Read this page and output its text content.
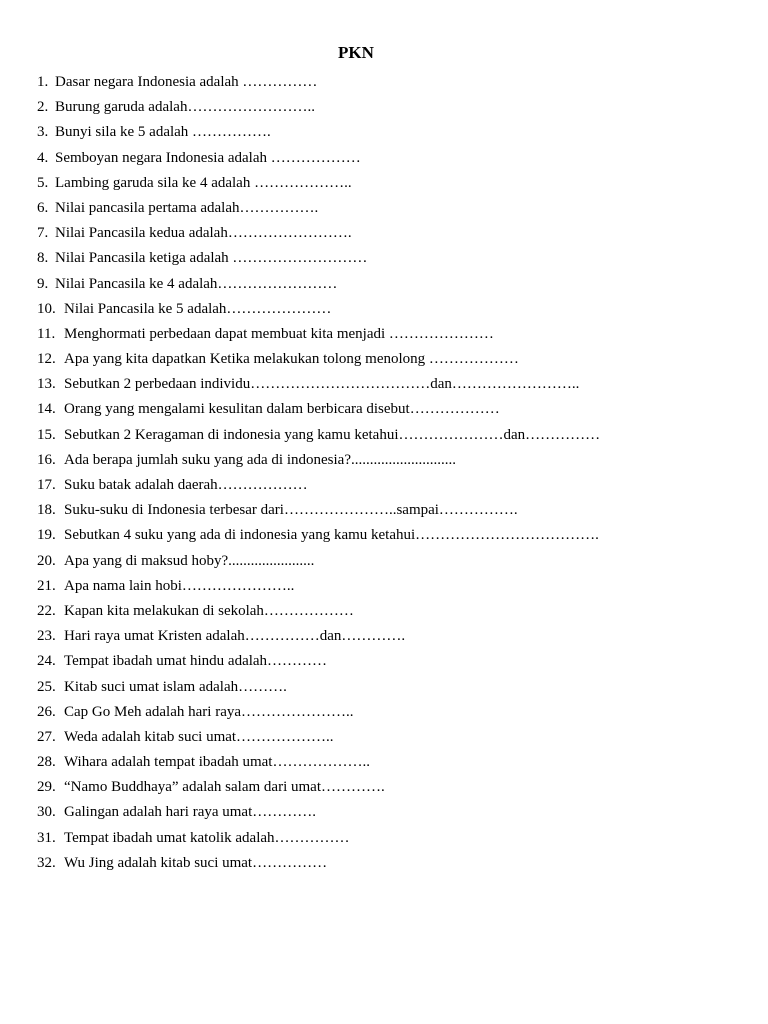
PKN
1. Dasar negara Indonesia adalah ……………
2. Burung garuda adalah……………………..
3. Bunyi sila ke 5 adalah …………….
4. Semboyan negara Indonesia adalah ………………
5. Lambing garuda sila ke 4 adalah ………………..
6. Nilai pancasila pertama adalah…………….
7. Nilai Pancasila kedua adalah…………………….
8. Nilai Pancasila ketiga adalah ………………………
9. Nilai Pancasila ke 4 adalah……………………
10. Nilai Pancasila ke 5 adalah…………………
11. Menghormati perbedaan dapat membuat kita menjadi …………………
12. Apa yang kita dapatkan Ketika melakukan tolong menolong ………………
13. Sebutkan 2 perbedaan individu………………………………dan……………………..
14. Orang yang mengalami kesulitan dalam berbicara disebut………………
15. Sebutkan 2 Keragaman di indonesia yang kamu ketahui…………………dan……………
16. Ada berapa jumlah suku yang ada di indonesia?............................
17. Suku batak adalah daerah………………
18. Suku-suku di Indonesia terbesar dari…………………..sampai…………….
19. Sebutkan 4 suku yang ada di indonesia yang kamu ketahui……………………………….
20. Apa yang di maksud hoby?.......................
21. Apa nama lain hobi…………………..
22. Kapan kita melakukan di sekolah………………
23. Hari raya umat Kristen adalah……………dan………….
24. Tempat ibadah umat hindu adalah…………
25. Kitab suci umat islam adalah……….
26. Cap Go Meh adalah hari raya…………………..
27. Weda adalah kitab suci umat………………..
28. Wihara adalah tempat ibadah umat………………..
29. “Namo Buddhaya” adalah salam dari umat………….
30. Galingan adalah hari raya umat………….
31. Tempat ibadah umat katolik adalah……………
32. Wu Jing adalah kitab suci umat……………
